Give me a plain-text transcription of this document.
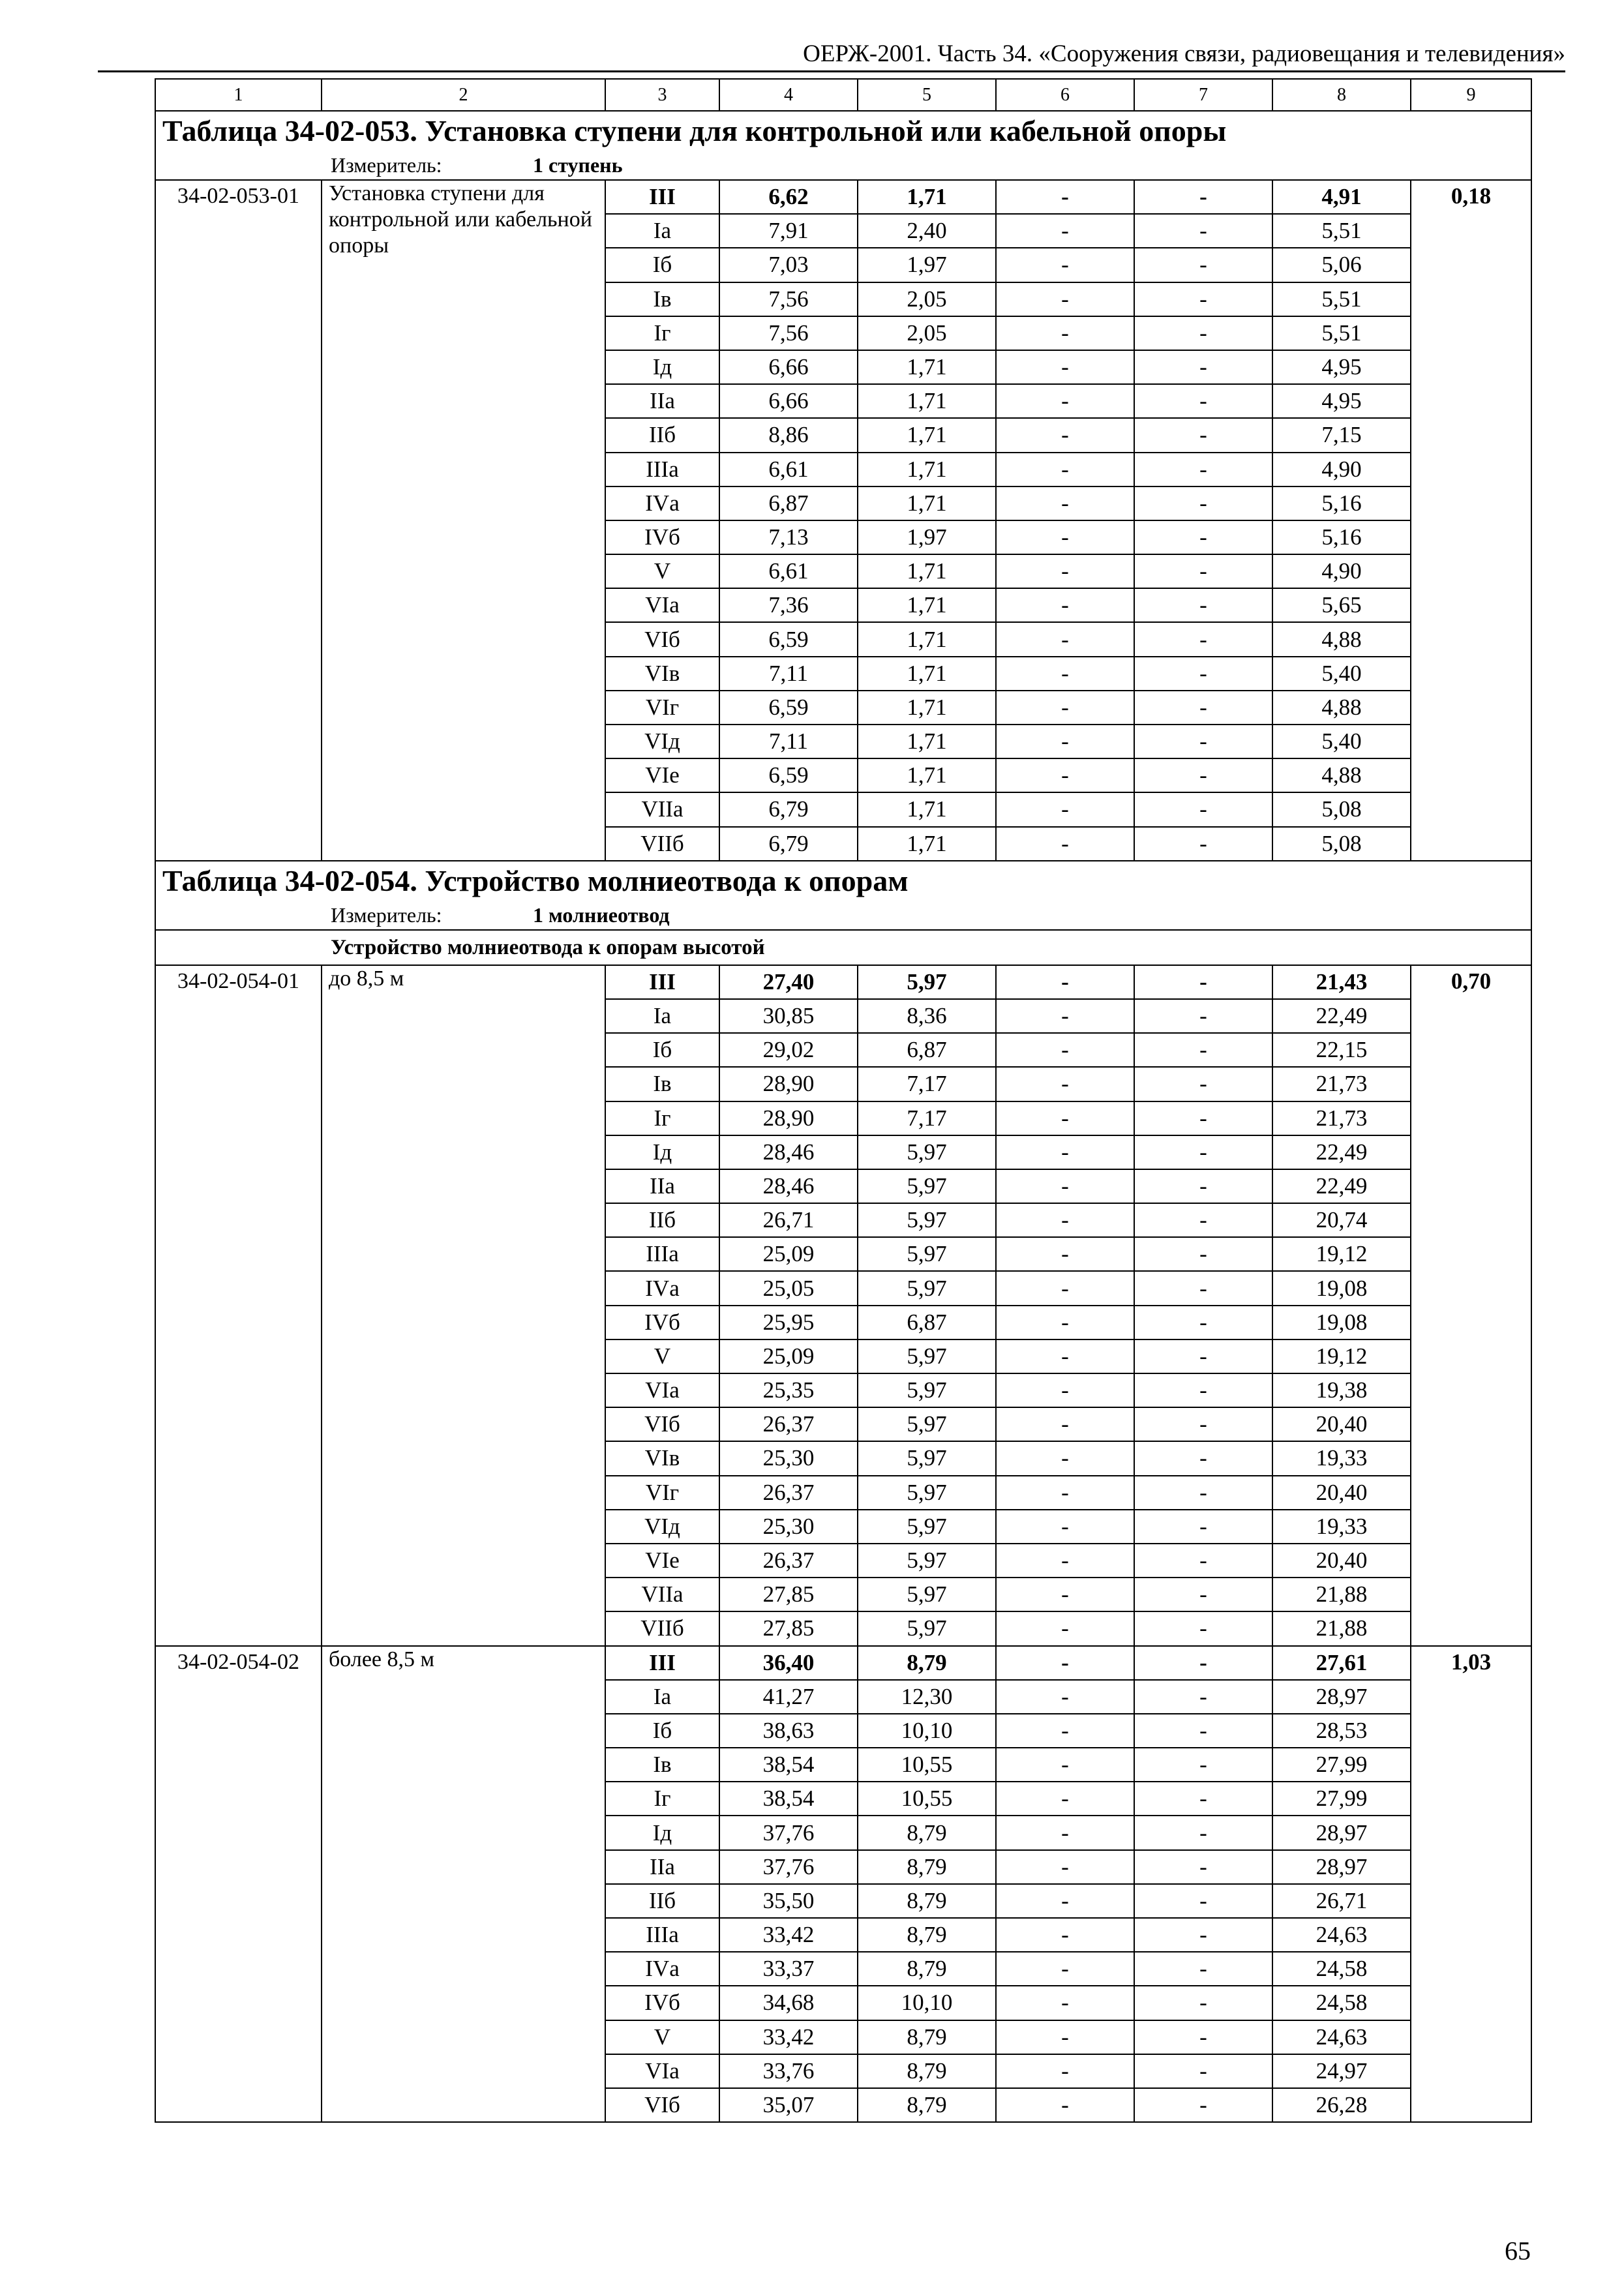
ОЕРЖ-2001. Часть 34. «Сооружения связи, радиовещания и телевидения»
1	2	3	4	5	6	7	8	9
Таблица 34-02-053. Установка ступени для контрольной или кабельной опоры								
Измеритель: 1 ступень								
34-02-053-01	Установка ступени для контрольной или кабельной опоры	III	6,62	1,71	-	-	4,91	0,18
		Iа	7,91	2,40	-	-	5,51	
		Iб	7,03	1,97	-	-	5,06	
		Iв	7,56	2,05	-	-	5,51	
		Iг	7,56	2,05	-	-	5,51	
		Iд	6,66	1,71	-	-	4,95	
		IIа	6,66	1,71	-	-	4,95	
		IIб	8,86	1,71	-	-	7,15	
		IIIа	6,61	1,71	-	-	4,90	
		IVа	6,87	1,71	-	-	5,16	
		IVб	7,13	1,97	-	-	5,16	
		V	6,61	1,71	-	-	4,90	
		VIа	7,36	1,71	-	-	5,65	
		VIб	6,59	1,71	-	-	4,88	
		VIв	7,11	1,71	-	-	5,40	
		VIг	6,59	1,71	-	-	4,88	
		VIд	7,11	1,71	-	-	5,40	
		VIе	6,59	1,71	-	-	4,88	
		VIIа	6,79	1,71	-	-	5,08	
		VIIб	6,79	1,71	-	-	5,08	
Таблица 34-02-054. Устройство молниеотвода к опорам								
Измеритель: 1 молниеотвод								
Устройство молниеотвода к опорам высотой								
34-02-054-01	до 8,5 м	III	27,40	5,97	-	-	21,43	0,70
		Iа	30,85	8,36	-	-	22,49	
		Iб	29,02	6,87	-	-	22,15	
		Iв	28,90	7,17	-	-	21,73	
		Iг	28,90	7,17	-	-	21,73	
		Iд	28,46	5,97	-	-	22,49	
		IIа	28,46	5,97	-	-	22,49	
		IIб	26,71	5,97	-	-	20,74	
		IIIа	25,09	5,97	-	-	19,12	
		IVа	25,05	5,97	-	-	19,08	
		IVб	25,95	6,87	-	-	19,08	
		V	25,09	5,97	-	-	19,12	
		VIа	25,35	5,97	-	-	19,38	
		VIб	26,37	5,97	-	-	20,40	
		VIв	25,30	5,97	-	-	19,33	
		VIг	26,37	5,97	-	-	20,40	
		VIд	25,30	5,97	-	-	19,33	
		VIе	26,37	5,97	-	-	20,40	
		VIIа	27,85	5,97	-	-	21,88	
		VIIб	27,85	5,97	-	-	21,88	
34-02-054-02	более 8,5 м	III	36,40	8,79	-	-	27,61	1,03
		Iа	41,27	12,30	-	-	28,97	
		Iб	38,63	10,10	-	-	28,53	
		Iв	38,54	10,55	-	-	27,99	
		Iг	38,54	10,55	-	-	27,99	
		Iд	37,76	8,79	-	-	28,97	
		IIа	37,76	8,79	-	-	28,97	
		IIб	35,50	8,79	-	-	26,71	
		IIIа	33,42	8,79	-	-	24,63	
		IVа	33,37	8,79	-	-	24,58	
		IVб	34,68	10,10	-	-	24,58	
		V	33,42	8,79	-	-	24,63	
		VIа	33,76	8,79	-	-	24,97	
		VIб	35,07	8,79	-	-	26,28	
65
